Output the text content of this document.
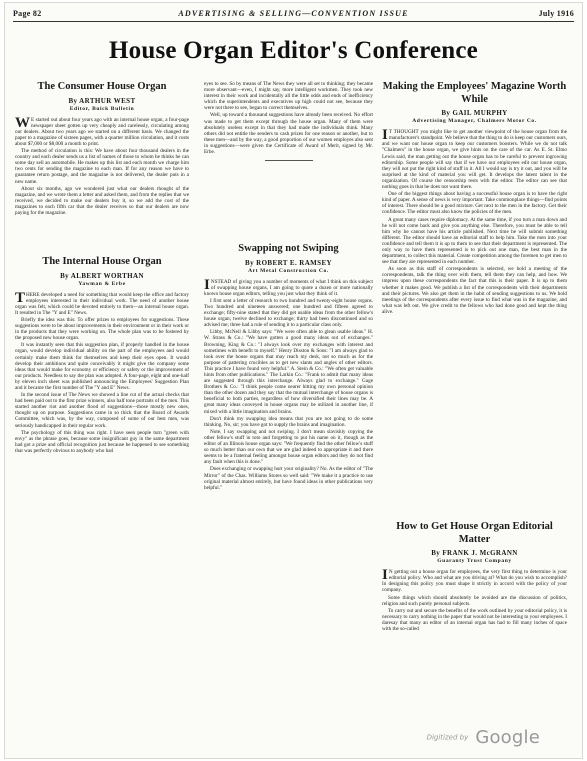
Page 82	ADVERTISING & SELLING—CONVENTION ISSUE	July 1916
House Organ Editor's Conference
The Consumer House Organ
By ARTHUR WEST
Editor, Buick Bulletin

WE started out about four years ago with an internal house organ, a four-page newspaper sheet gotten up very cheaply and carelessly, circulating among our dealers. About two years ago we started on a different basis. We changed the paper to a magazine of sixteen pages, with a quarter million circulation, and it costs about $7,000 or $8,000 a month to print.

The method of circulation is this: We have about four thousand dealers in the country and each dealer sends us a list of names of those to whom he thinks he can some day sell an automobile. He makes up this list and each month we charge him two cents for sending the magazine to each man. If for any reason we have to guarantee return postage, and the magazine is not delivered, the dealer puts in a new name.

About six months, ago we wondered just what our dealers thought of the magazine, and we wrote them a letter and asked them, and from the replies that we received, we decided to make our dealers buy it, so we add the cost of the magazines to each fifth car that the dealer receives so that our dealers are now paying for the magazine.

The Internal House Organ
By ALBERT WORTHAN
Yawman & Erbe

THERE developed a need for something that would keep the office and factory employees interested in their individual work. The need of another house organ was felt, which could be devoted entirely to them—an internal house organ. It resulted in The "Y and E" News.

Briefly the idea was this: To offer prizes to employees for suggestions. These suggestions were to be about improvements in their environment or in their work or in the products that they were working on. The whole plan was to be fostered by the proposed new house organ.

It was instantly seen that this suggestion plan, if properly handled in the house organ, would develop individual ability on the part of the employees and would certainly make them think for themselves and keep their eyes open. It would develop their ambitions and quite conceivably it might give the company some ideas that would make for economy or efficiency or safety or the improvement of our products. Needless to say the plan was adopted. A four-page, eight and one-half by eleven inch sheet was published announcing the Employees' Suggestion Plan and it became the first number of The "Y and E" News.

In the second issue of The News we showed a line cut of the actual checks that had been paid out to the first prize winners, also half tone portraits of the men. This started another riot and another flood of suggestions—those mostly new ones, thought up on purpose. Suggestions came in so thick that the Board of Awards Committee, which was, by the way, composed of some of our best men, was seriously handicapped in their regular work.

The psychology of this thing was right. I have seen people turn "green with envy" as the phrase goes, because some insignificant guy in the same department had got a prize and official recognition just because he happened to see something that was perfectly obvious to anybody who had

eyes to see. So by means of The News they were all set to thinking; they became more observant—even, I might say, more intelligent workmen. They took new interest in their work and incidentally all the little odds and ends of inefficiency which the superintendents and executives up high could not see, because they were not there to see, began to correct themselves.

Well, up toward a thousand suggestions have already been received. No effort was made to get them except through the house organ. Many of them were absolutely useless except in that they had made the individuals think. Many others did not entitle the senders to cash prizes for one reason or another, but to these men—and by the way, a good proportion of our women employes also sent in suggestions—were given the Certificate of Award of Merit, signed by Mr. Erbe.

Swapping not Swiping
By ROBERT E. RAMSEY
Art Metal Construction Co.

INSTEAD of giving you a number of moments of what I think on this subject of swapping house organs, I am going to quote a dozen or more nationally known house organ editors, telling you just what they think of it.

I first sent a letter of research to two hundred and twenty-eight house organs. Two hundred and nineteen answered; one hundred and fifteen agreed to exchange; fifty-nine stated that they did get usable ideas from the other fellow's house organ; twelve declined to exchange; thirty had been discontinued and so advised me; three had a rule of sending it to a particular class only.

Libby, McNeil & Libby says: "We were often able to glean usable ideas." H. W. Strass & Co.: "We have gotten a good many ideas out of exchanges." Browning, King & Co.: "I always look over my exchanges with interest and sometimes with benefit to myself." Henry Disston & Sons: "I am always glad to look over the house organs that may reach my desk, not so much as for the purpose of pattering crucibles as to get new slants and angles of other editors. This practice I have found very helpful." A. Stein & Co.: "We often get valuable hints from other publications." The Larkin Co.: "Frank to admit that many ideas are suggested through this interchange. Always glad to exchange." Gage Brothers & Co.: "I think people come nearer hitting my own personal opinion than the other dozen and they say that the mutual interchange of house organs is beneficial to both parties, regardless of how diversified their lines may be. A great many ideas conveyed in house organs may be utilized in another line, if mixed with a little imagination and brains.

Don't think my swapping idea means that you are not going to do some thinking. No, sir; you have got to supply the brains and imagination.

Note, I say swapping and not swiping. I don't mean slavishly copying the other fellow's stuff in toto and forgetting to put his name on it, though as the editor of an Illinois house organ says: "We frequently find the other fellow's stuff so much better than our own that we are glad indeed to appropriate it and there seems to be a fraternal feeling amongst house organ editors and they do not find any fault when this is done."

Does exchanging or swapping hurt your originality? No. As the editor of "The Mirror" of the Chas. Williams Stores so well said: "We make it a practice to use original material almost entirely, but have found ideas in other publications very helpful."

Making the Employees' Magazine Worth While
By GAIL MURPHY
Advertising Manager, Chalmers Motor Co.

IT THOUGHT you might like to get another viewpoint of the house organ from the manufacturer's standpoint. We believe that the thing to do is keep our customers ours, and we want our house organ to keep our customers boosters. While we do not talk "Chalmers" in the house organ, we give hints on the care of the car. As E. St. Elmo Lewis said, the man getting out the house organ has to be careful to prevent ingrowing editorship. Some people will say that if we have our employees edit our house organ, they will not put the right kind of stuff in it. All I would say is try it out, and you will be surprised at the kind of material you will get. It develops the latent talent in the organization. Of course the censorship rests with the editor. The editor can see that nothing goes in that he does not want there.

One of the biggest things about having a successful house organ is to have the right kind of paper. A sense of news is very important. Take commonplace things—find points of interest. There should be a good mixture. Get next to the men in the factory. Get their confidence. The editor must also know the policies of the men.

A great many cases require diplomacy. At the same time, if you turn a man down and he will not come back and give you anything else. Therefore, you must be able to tell him why he cannot have his article published. Next time he will submit something different. The editor should have an editorial staff to help him. Take the men into your confidence and tell them it is up to them to see that their department is represented. The only way to have them represented is to pick out one man, the best man in the department, to collect this material. Create competition among the foremen to get men to see that they are represented in each number.

As soon as this staff of correspondents is selected, we hold a meeting of the correspondents, talk the thing over with them, tell them they can help, and how. We impress upon these correspondents the fact that this is their paper. It is up to them whether it makes good. We publish a list of the correspondents with their departments and their pictures. We also get them in the habit of sending suggestions to us. We hold meetings of the correspondents after every issue to find what was in the magazine, and what was left out. We give credit to the fellows who had done good and kept the thing alive.

How to Get House Organ Editorial Matter
By FRANK J. McGRANN
Guaranty Trust Company

IN getting out a house organ for employees, the very first thing to determine is your editorial policy. Who and what are you driving at? What do you wish to accomplish? In designing this policy you must shape it strictly in accord with the policy of your company.

Some things which should absolutely be avoided are the discussion of politics, religion and such purely personal subjects.

To carry out and secure the benefits of the work outlined by your editorial policy, it is necessary to carry nothing in the paper that would not be interesting to your employees. I daresay that many an editor of an internal organ has had to fill many inches of space with the so-called

Digitized by Google
